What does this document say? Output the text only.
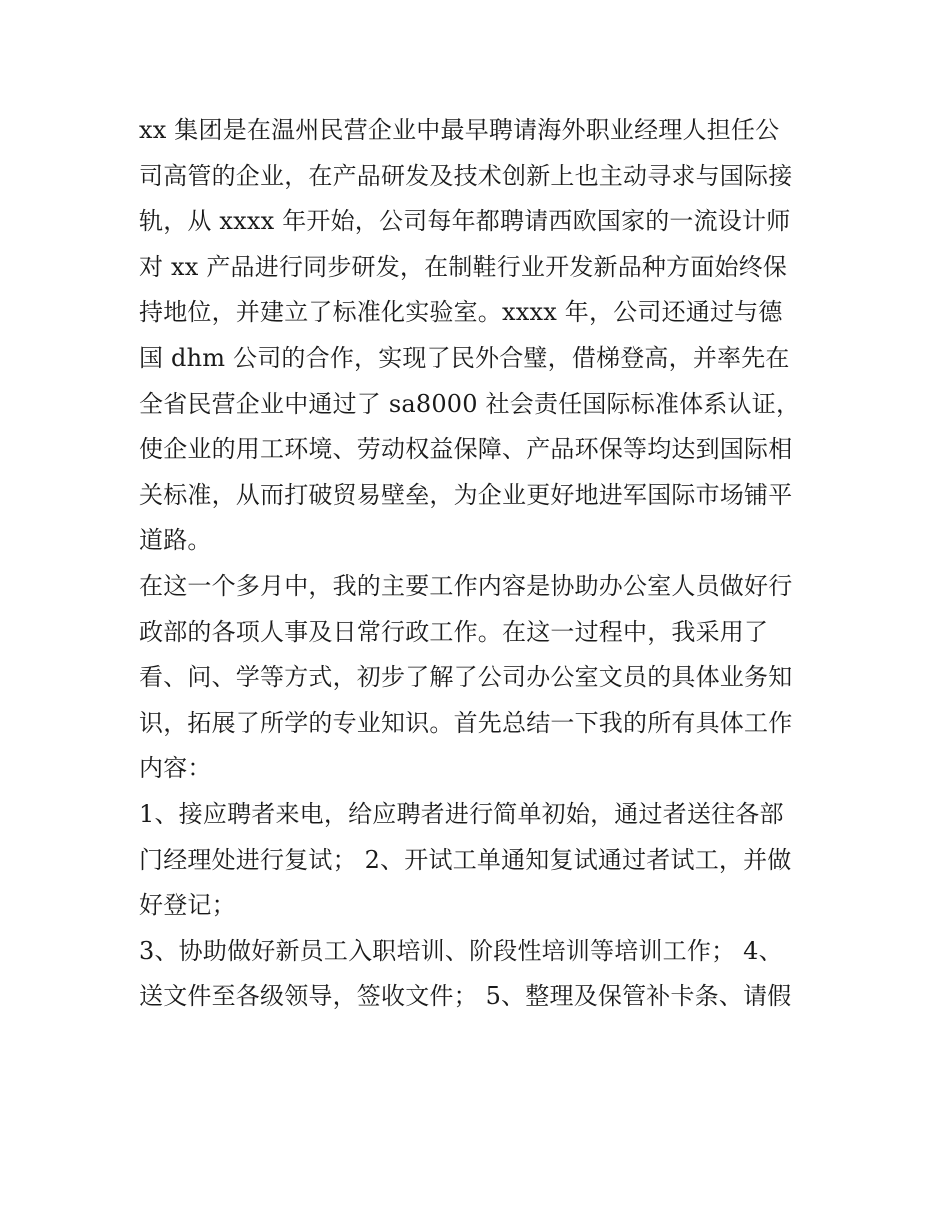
xx 集团是在温州民营企业中最早聘请海外职业经理人担任公
司高管的企业，在产品研发及技术创新上也主动寻求与国际接
轨，从 xxxx 年开始，公司每年都聘请西欧国家的一流设计师
对 xx 产品进行同步研发，在制鞋行业开发新品种方面始终保
持地位，并建立了标准化实验室。xxxx 年，公司还通过与德
国 dhm 公司的合作，实现了民外合璧，借梯登高，并率先在
全省民营企业中通过了 sa8000 社会责任国际标准体系认证，
使企业的用工环境、劳动权益保障、产品环保等均达到国际相
关标准，从而打破贸易壁垒，为企业更好地进军国际市场铺平
道路。
在这一个多月中，我的主要工作内容是协助办公室人员做好行
政部的各项人事及日常行政工作。在这一过程中，我采用了
看、问、学等方式，初步了解了公司办公室文员的具体业务知
识，拓展了所学的专业知识。首先总结一下我的所有具体工作
内容：
1、接应聘者来电，给应聘者进行简单初始，通过者送往各部
门经理处进行复试； 2、开试工单通知复试通过者试工，并做
好登记；
3、协助做好新员工入职培训、阶段性培训等培训工作； 4、
送文件至各级领导，签收文件； 5、整理及保管补卡条、请假
